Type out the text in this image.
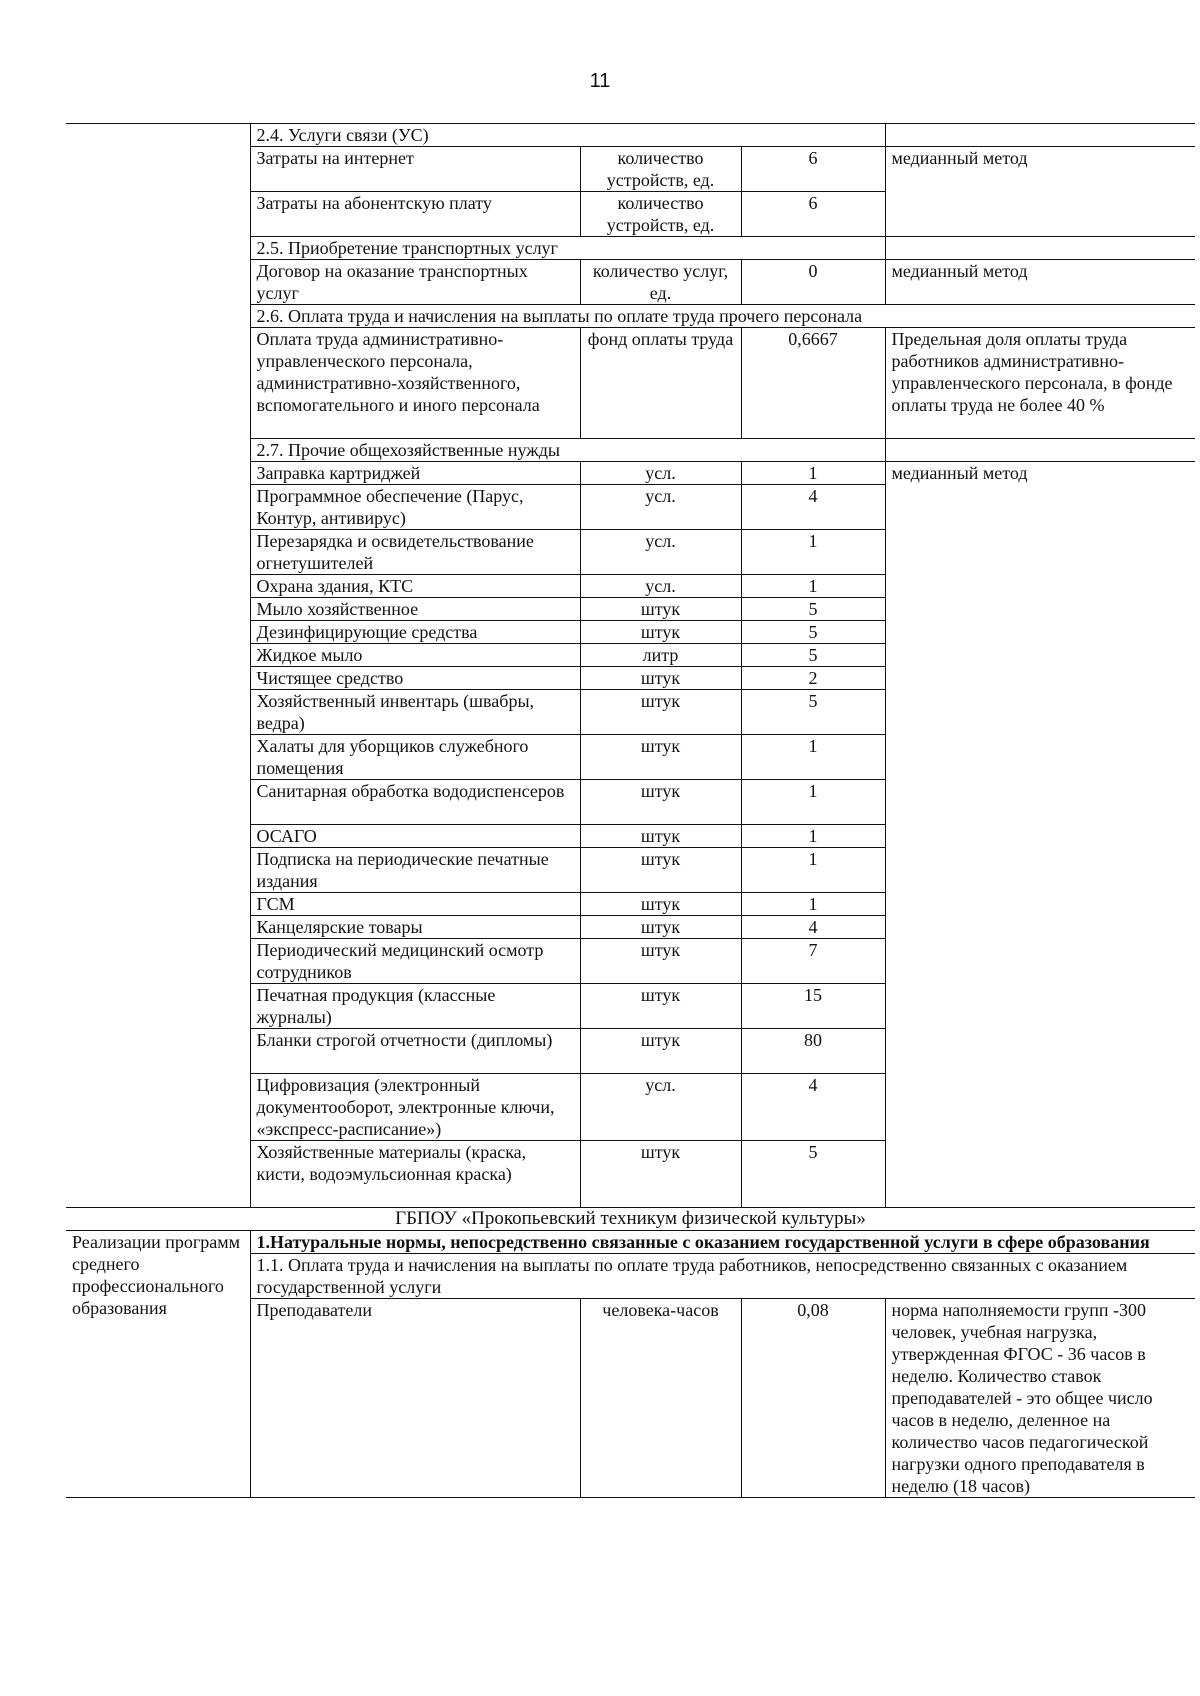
11
	2.4. Услуги связи (УС)			
	Затраты на интернет	количество устройств, ед.	6	медианный метод
	Затраты на абонентскую плату	количество устройств, ед.	6	
	2.5. Приобретение транспортных услуг			
	Договор на оказание транспортных услуг	количество услуг, ед.	0	медианный метод
	2.6. Оплата труда и начисления на выплаты по оплате труда прочего персонала			
	Оплата труда административно-управленческого персонала, административно-хозяйственного, вспомогательного и иного персонала	фонд оплаты труда	0,6667	Предельная доля оплаты труда работников административно-управленческого персонала, в фонде оплаты труда не более 40 %
	2.7. Прочие общехозяйственные нужды			
	Заправка картриджей	усл.	1	медианный метод
	Программное обеспечение (Парус, Контур, антивирус)	усл.	4	
	Перезарядка и освидетельствование огнетушителей	усл.	1	
	Охрана здания, КТС	усл.	1	
	Мыло хозяйственное	штук	5	
	Дезинфицирующие средства	штук	5	
	Жидкое мыло	литр	5	
	Чистящее средство	штук	2	
	Хозяйственный инвентарь (швабры, ведра)	штук	5	
	Халаты для уборщиков служебного помещения	штук	1	
	Санитарная обработка вододиспенсеров	штук	1	
	ОСАГО	штук	1	
	Подписка на периодические печатные издания	штук	1	
	ГСМ	штук	1	
	Канцелярские товары	штук	4	
	Периодический медицинский осмотр сотрудников	штук	7	
	Печатная продукция (классные журналы)	штук	15	
	Бланки строгой отчетности (дипломы)	штук	80	
	Цифровизация (электронный документооборот, электронные ключи, «экспресс-расписание»)	усл.	4	
	Хозяйственные материалы (краска, кисти, водоэмульсионная краска)	штук	5	
ГБПОУ «Прокопьевский техникум физической культуры»				
Реализации программ среднего профессионального образования	1.Натуральные нормы, непосредственно связанные с оказанием государственной услуги в сфере образования			
	1.1. Оплата труда и начисления на выплаты по оплате труда работников, непосредственно связанных с оказанием государственной услуги			
	Преподаватели	человека-часов	0,08	норма наполняемости групп -300 человек, учебная нагрузка, утвержденная ФГОС - 36 часов в неделю. Количество ставок преподавателей - это общее число часов в неделю, деленное на количество часов педагогической нагрузки одного преподавателя в неделю (18 часов)
